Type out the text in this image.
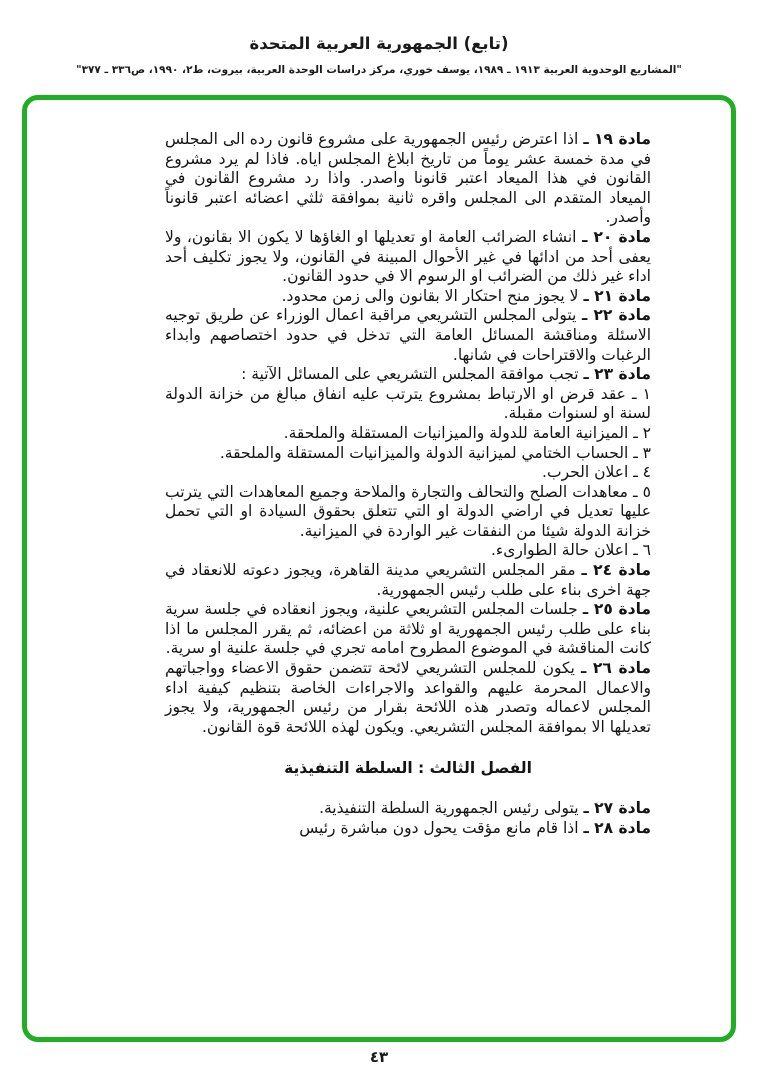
(تابع) الجمهورية العربية المتحدة
"المشاريع الوحدوية العربية ١٩١٣ ـ ١٩٨٩، يوسف خوري، مركز دراسات الوحدة العربية، بيروت، ط٢، ١٩٩٠، ص٣٣٦ ـ ٣٧٧"

مادة ١٩ ـ اذا اعترض رئيس الجمهورية على مشروع قانون رده الى المجلس في مدة خمسة عشر يوماً من تاريخ ابلاغ المجلس اياه. فاذا لم يرد مشروع القانون في هذا الميعاد اعتبر قانونا واصدر. واذا رد مشروع القانون في الميعاد المتقدم الى المجلس واقره ثانية بموافقة ثلثي اعضائه اعتبر قانوناً وأصدر.

مادة ٢٠ ـ انشاء الضرائب العامة او تعديلها او الغاؤها لا يكون الا بقانون، ولا يعفى أحد من ادائها في غير الأحوال المبينة في القانون، ولا يجوز تكليف أحد اداء غير ذلك من الضرائب او الرسوم الا في حدود القانون.

مادة ٢١ ـ لا يجوز منح احتكار الا بقانون والى زمن محدود.

مادة ٢٢ ـ يتولى المجلس التشريعي مراقبة اعمال الوزراء عن طريق توجيه الاسئلة ومناقشة المسائل العامة التي تدخل في حدود اختصاصهم وابداء الرغبات والاقتراحات في شانها.

مادة ٢٣ ـ تجب موافقة المجلس التشريعي على المسائل الآتية :

١ ـ عقد قرض او الارتباط بمشروع يترتب عليه انفاق مبالغ من خزانة الدولة لسنة او لسنوات مقبلة.

٢ ـ الميزانية العامة للدولة والميزانيات المستقلة والملحقة.

٣ ـ الحساب الختامي لميزانية الدولة والميزانيات المستقلة والملحقة.

٤ ـ اعلان الحرب.

٥ ـ معاهدات الصلح والتحالف والتجارة والملاحة وجميع المعاهدات التي يترتب عليها تعديل في اراضي الدولة او التي تتعلق بحقوق السيادة او التي تحمل خزانة الدولة شيئا من النفقات غير الواردة في الميزانية.

٦ ـ اعلان حالة الطوارىء.

مادة ٢٤ ـ مقر المجلس التشريعي مدينة القاهرة، ويجوز دعوته للانعقاد في جهة اخرى بناء على طلب رئيس الجمهورية.

مادة ٢٥ ـ جلسات المجلس التشريعي علنية، ويجوز انعقاده في جلسة سرية بناء على طلب رئيس الجمهورية او ثلاثة من اعضائه، ثم يقرر المجلس ما اذا كانت المناقشة في الموضوع المطروح امامه تجري في جلسة علنية او سرية.

مادة ٢٦ ـ يكون للمجلس التشريعي لائحة تتضمن حقوق الاعضاء وواجباتهم والاعمال المحرمة عليهم والقواعد والاجراءات الخاصة بتنظيم كيفية اداء المجلس لاعماله وتصدر هذه اللائحة بقرار من رئيس الجمهورية، ولا يجوز تعديلها الا بموافقة المجلس التشريعي. ويكون لهذه اللائحة قوة القانون.

الفصل الثالث : السلطة التنفيذية

مادة ٢٧ ـ يتولى رئيس الجمهورية السلطة التنفيذية.

مادة ٢٨ ـ اذا قام مانع مؤقت يحول دون مباشرة رئيس

٤٣
